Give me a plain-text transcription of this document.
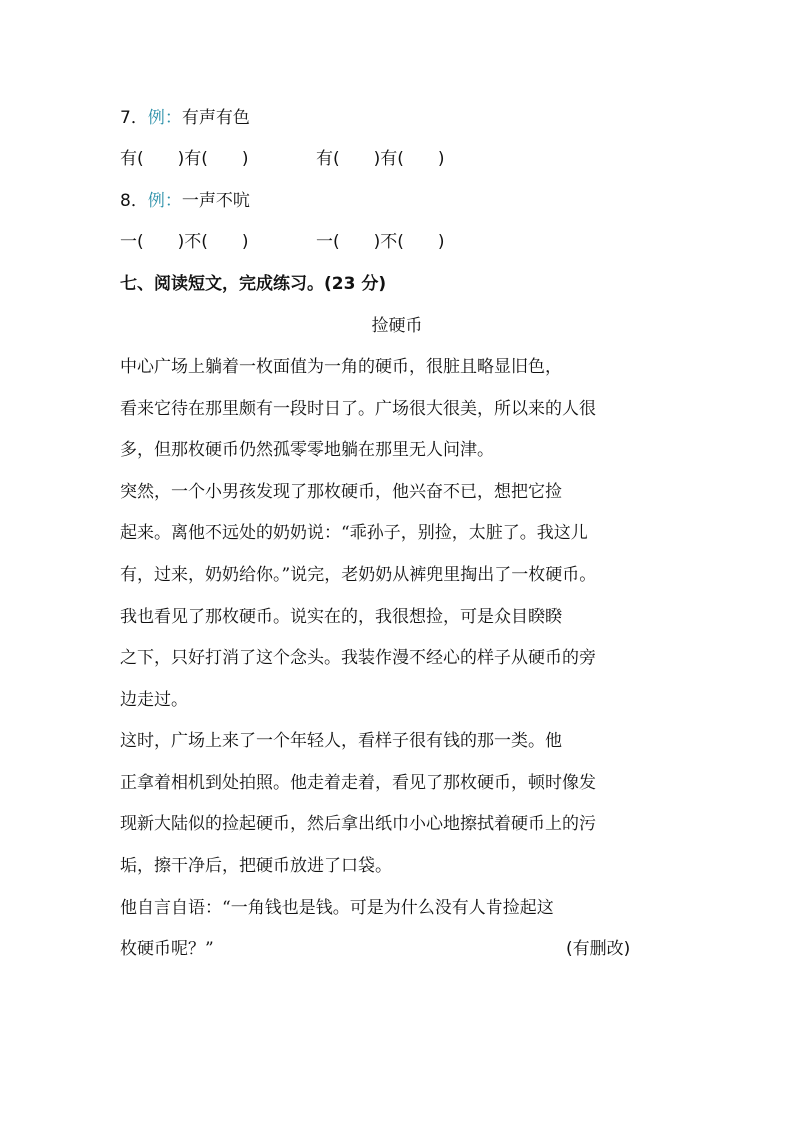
7．例：有声有色
有(　　)有(　　)	有(　　)有(　　)
8．例：一声不吭
一(　　)不(　　)	一(　　)不(　　)
七、阅读短文，完成练习。(23 分)
捡硬币
中心广场上躺着一枚面值为一角的硬币，很脏且略显旧色，
看来它待在那里颇有一段时日了。广场很大很美，所以来的人很
多，但那枚硬币仍然孤零零地躺在那里无人问津。
突然，一个小男孩发现了那枚硬币，他兴奋不已，想把它捡
起来。离他不远处的奶奶说：“乖孙子，别捡，太脏了。我这儿
有，过来，奶奶给你。”说完，老奶奶从裤兜里掏出了一枚硬币。
我也看见了那枚硬币。说实在的，我很想捡，可是众目睽睽
之下，只好打消了这个念头。我装作漫不经心的样子从硬币的旁
边走过。
这时，广场上来了一个年轻人，看样子很有钱的那一类。他
正拿着相机到处拍照。他走着走着，看见了那枚硬币，顿时像发
现新大陆似的捡起硬币，然后拿出纸巾小心地擦拭着硬币上的污
垢，擦干净后，把硬币放进了口袋。
他自言自语：“一角钱也是钱。可是为什么没有人肯捡起这
枚硬币呢？”	(有删改)
